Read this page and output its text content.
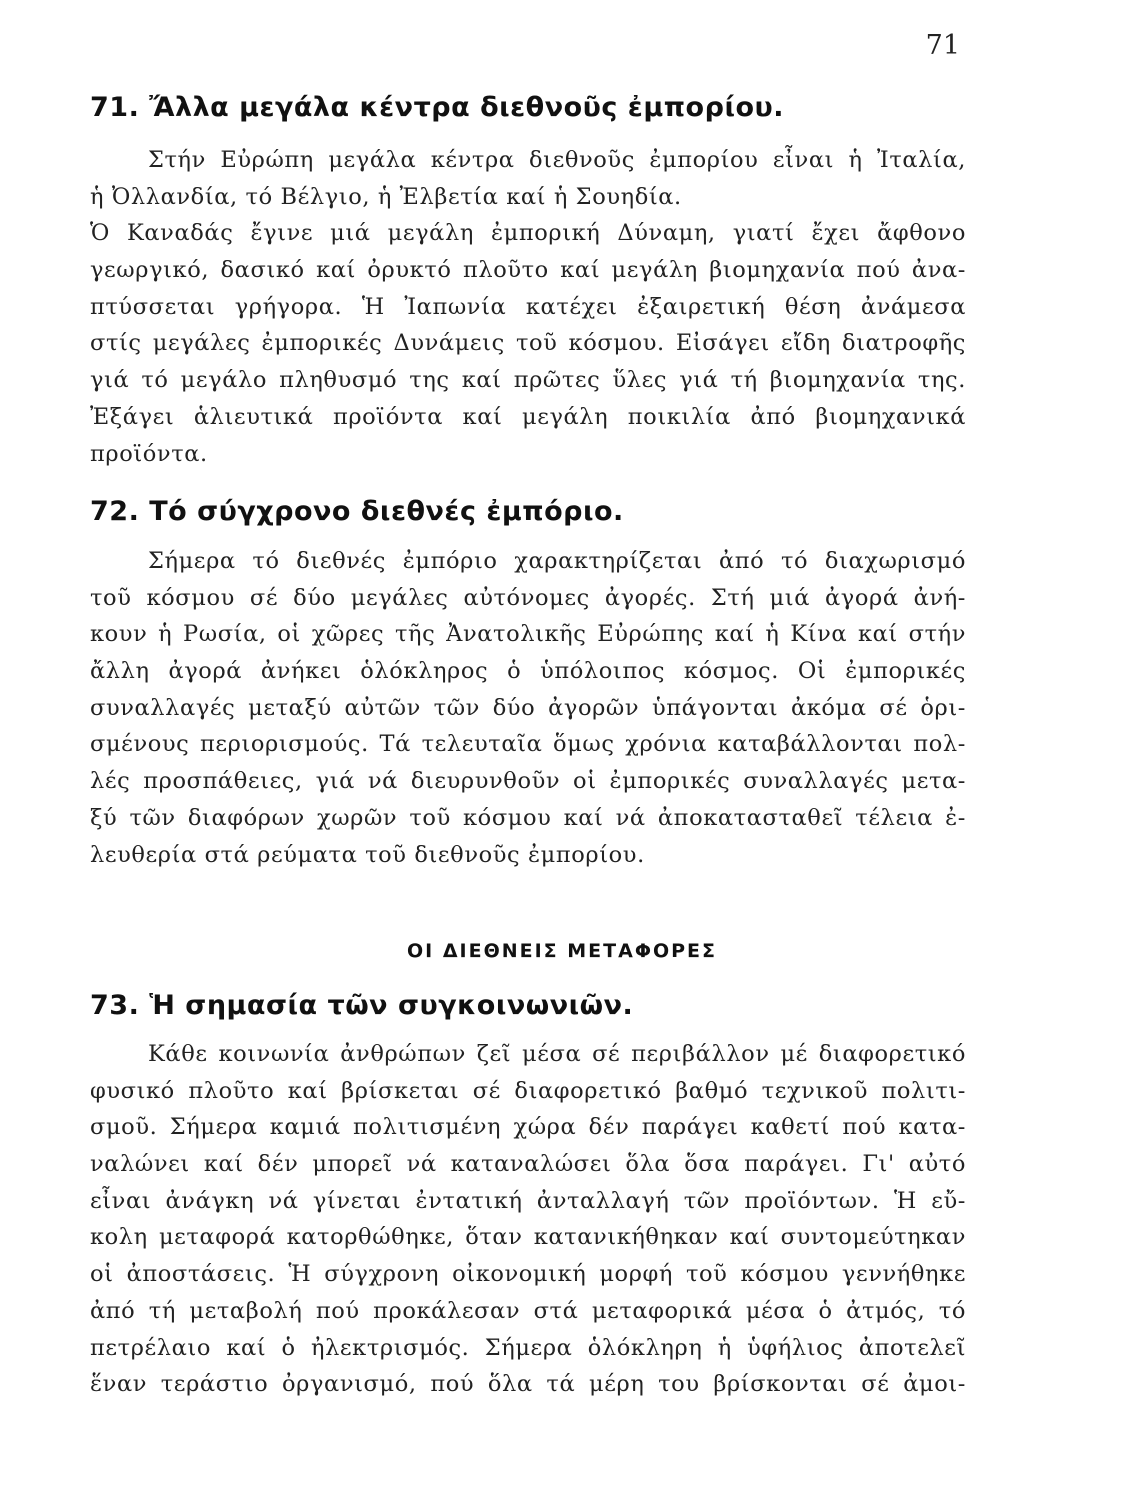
71
71. Ἄλλα μεγάλα κέντρα διεθνοῦς ἐμπορίου.
Στήν Εὐρώπη μεγάλα κέντρα διεθνοῦς ἐμπορίου εἶναι ἡ Ἰταλία,
ἡ Ὀλλανδία, τό Βέλγιο, ἡ Ἐλβετία καί ἡ Σουηδία.
Ὁ Καναδάς ἔγινε μιά μεγάλη ἐμπορική Δύναμη, γιατί ἔχει ἄφθονο
γεωργικό, δασικό καί ὀρυκτό πλοῦτο καί μεγάλη βιομηχανία πού ἀνα-
πτύσσεται γρήγορα. Ἡ Ἰαπωνία κατέχει ἐξαιρετική θέση ἀνάμεσα
στίς μεγάλες ἐμπορικές Δυνάμεις τοῦ κόσμου. Εἰσάγει εἴδη διατροφῆς
γιά τό μεγάλο πληθυσμό της καί πρῶτες ὕλες γιά τή βιομηχανία της.
Ἐξάγει ἁλιευτικά προϊόντα καί μεγάλη ποικιλία ἀπό βιομηχανικά
προϊόντα.
72. Τό σύγχρονο διεθνές ἐμπόριο.
Σήμερα τό διεθνές ἐμπόριο χαρακτηρίζεται ἀπό τό διαχωρισμό
τοῦ κόσμου σέ δύο μεγάλες αὐτόνομες ἀγορές. Στή μιά ἀγορά ἀνή-
κουν ἡ Ρωσία, οἱ χῶρες τῆς Ἀνατολικῆς Εὐρώπης καί ἡ Κίνα καί στήν
ἄλλη ἀγορά ἀνήκει ὁλόκληρος ὁ ὑπόλοιπος κόσμος. Οἱ ἐμπορικές
συναλλαγές μεταξύ αὐτῶν τῶν δύο ἀγορῶν ὑπάγονται ἀκόμα σέ ὁρι-
σμένους περιορισμούς. Τά τελευταῖα ὅμως χρόνια καταβάλλονται πολ-
λές προσπάθειες, γιά νά διευρυνθοῦν οἱ ἐμπορικές συναλλαγές μετα-
ξύ τῶν διαφόρων χωρῶν τοῦ κόσμου καί νά ἀποκατασταθεῖ τέλεια ἐ-
λευθερία στά ρεύματα τοῦ διεθνοῦς ἐμπορίου.
ΟΙ ΔΙΕΘΝΕΙΣ ΜΕΤΑΦΟΡΕΣ
73. Ἡ σημασία τῶν συγκοινωνιῶν.
Κάθε κοινωνία ἀνθρώπων ζεῖ μέσα σέ περιβάλλον μέ διαφορετικό
φυσικό πλοῦτο καί βρίσκεται σέ διαφορετικό βαθμό τεχνικοῦ πολιτι-
σμοῦ. Σήμερα καμιά πολιτισμένη χώρα δέν παράγει καθετί πού κατα-
ναλώνει καί δέν μπορεῖ νά καταναλώσει ὅλα ὅσα παράγει. Γι' αὐτό
εἶναι ἀνάγκη νά γίνεται ἐντατική ἀνταλλαγή τῶν προϊόντων. Ἡ εὔ-
κολη μεταφορά κατορθώθηκε, ὅταν κατανικήθηκαν καί συντομεύτηκαν
οἱ ἀποστάσεις. Ἡ σύγχρονη οἰκονομική μορφή τοῦ κόσμου γεννήθηκε
ἀπό τή μεταβολή πού προκάλεσαν στά μεταφορικά μέσα ὁ ἀτμός, τό
πετρέλαιο καί ὁ ἠλεκτρισμός. Σήμερα ὁλόκληρη ἡ ὑφήλιος ἀποτελεῖ
ἕναν τεράστιο ὀργανισμό, πού ὅλα τά μέρη του βρίσκονται σέ ἀμοι-
